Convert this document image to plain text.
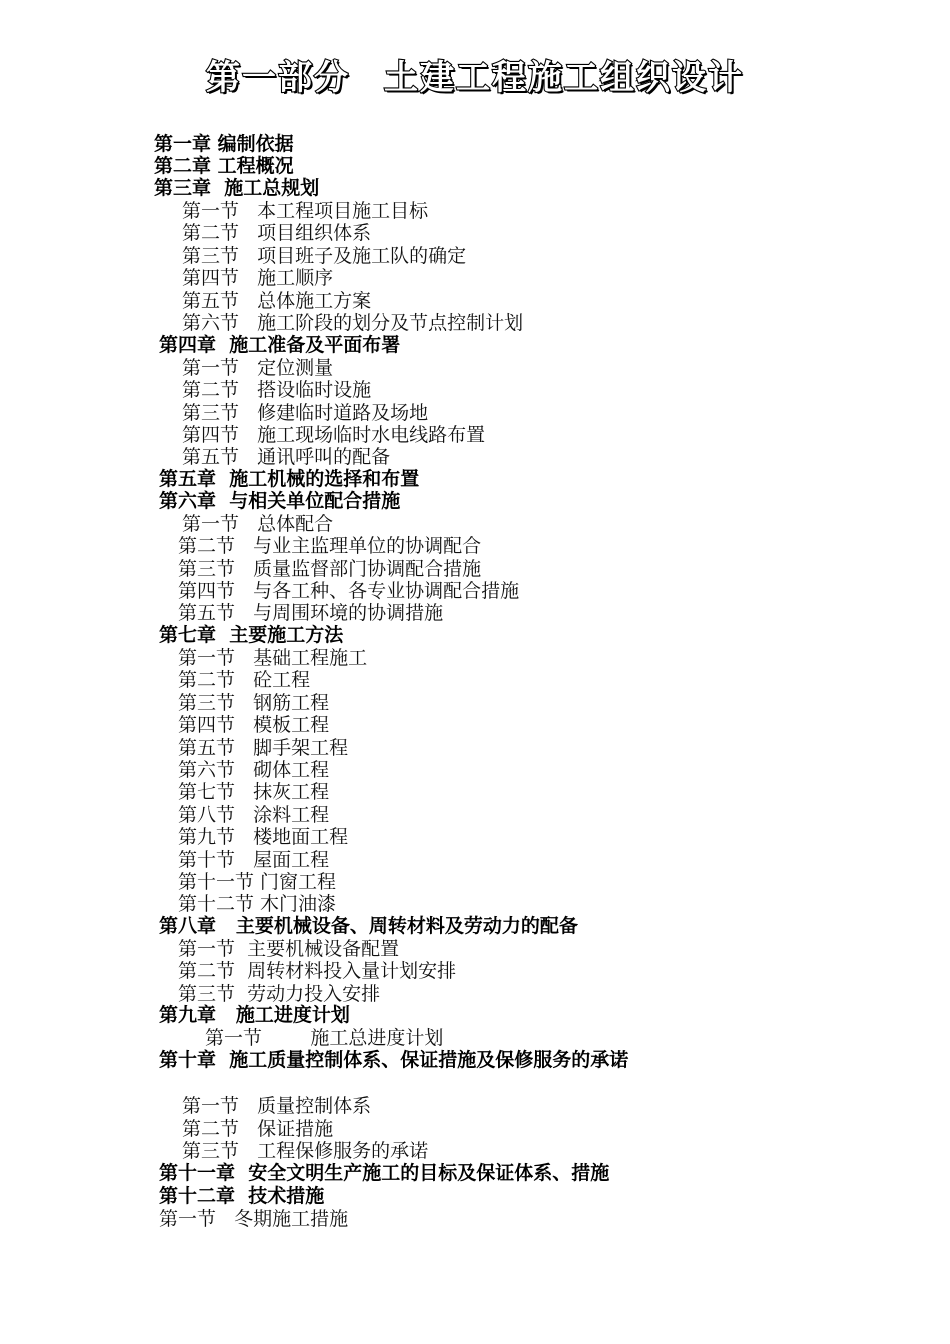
第一部分 土建工程施工组织设计
第一章 编制依据
第二章 工程概况
第三章  施工总规划
第一节   本工程项目施工目标
第二节   项目组织体系
第三节   项目班子及施工队的确定
第四节   施工顺序
第五节   总体施工方案
第六节   施工阶段的划分及节点控制计划
第四章  施工准备及平面布署
第一节   定位测量
第二节   搭设临时设施
第三节   修建临时道路及场地
第四节   施工现场临时水电线路布置
第五节   通讯呼叫的配备
第五章  施工机械的选择和布置
第六章  与相关单位配合措施
第一节   总体配合
第二节   与业主监理单位的协调配合
第三节   质量监督部门协调配合措施
第四节   与各工种、各专业协调配合措施
第五节   与周围环境的协调措施
第七章  主要施工方法
第一节   基础工程施工
第二节   砼工程
第三节   钢筋工程
第四节   模板工程
第五节   脚手架工程
第六节   砌体工程
第七节   抹灰工程
第八节   涂料工程
第九节   楼地面工程
第十节   屋面工程
第十一节 门窗工程
第十二节 木门油漆
第八章   主要机械设备、周转材料及劳动力的配备
第一节  主要机械设备配置
第二节  周转材料投入量计划安排
第三节  劳动力投入安排
第九章   施工进度计划
第一节        施工总进度计划
第十章  施工质量控制体系、保证措施及保修服务的承诺
第一节   质量控制体系
第二节   保证措施
第三节   工程保修服务的承诺
第十一章  安全文明生产施工的目标及保证体系、措施
第十二章  技术措施
第一节   冬期施工措施
